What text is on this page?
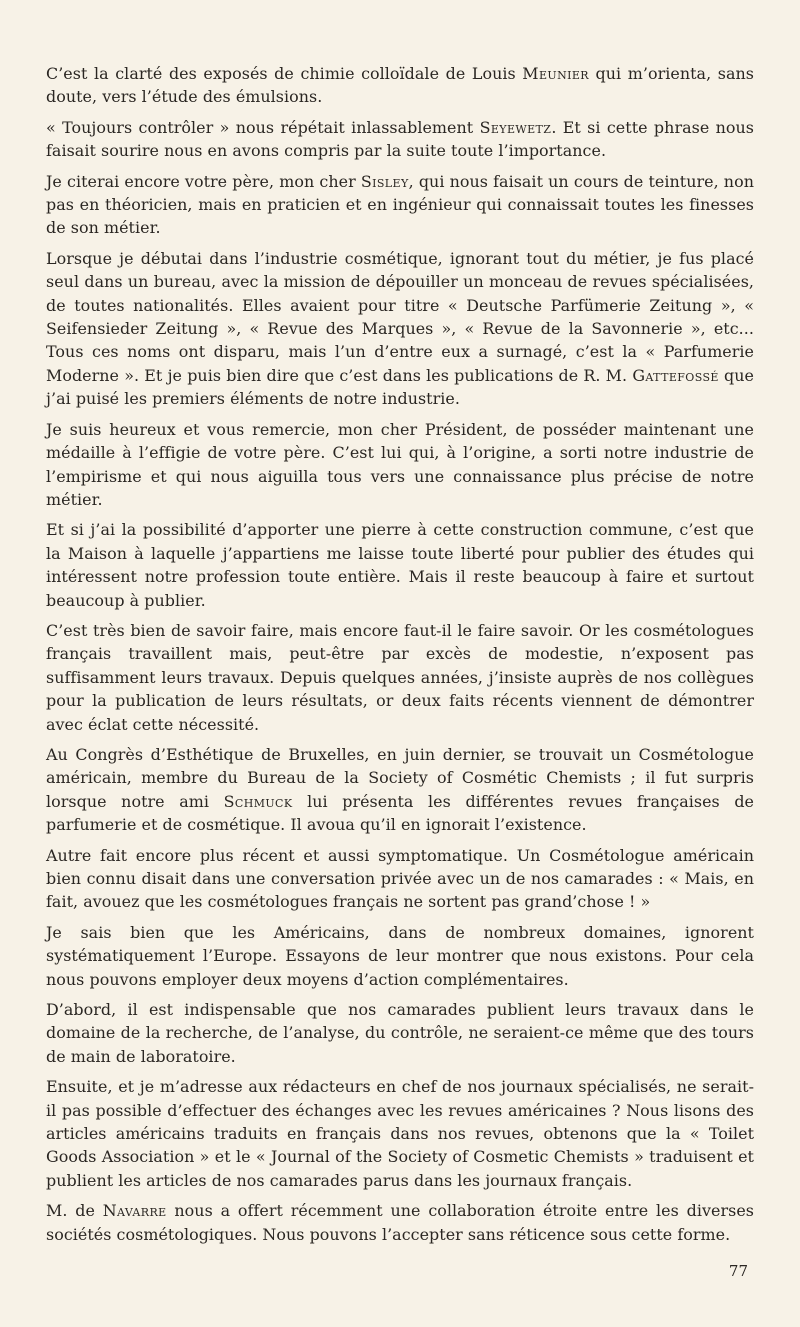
C’est la clarté des exposés de chimie colloïdale de Louis Meunier qui m’orienta, sans doute, vers l’étude des émulsions.

« Toujours contrôler » nous répétait inlassablement Seyewetz. Et si cette phrase nous faisait sourire nous en avons compris par la suite toute l’importance.

Je citerai encore votre père, mon cher Sisley, qui nous faisait un cours de teinture, non pas en théoricien, mais en praticien et en ingénieur qui connaissait toutes les finesses de son métier.

Lorsque je débutai dans l’industrie cosmétique, ignorant tout du métier, je fus placé seul dans un bureau, avec la mission de dépouiller un monceau de revues spécialisées, de toutes nationalités. Elles avaient pour titre « Deutsche Parfümerie Zeitung », « Seifensieder Zeitung », « Revue des Marques », « Revue de la Savonnerie », etc... Tous ces noms ont disparu, mais l’un d’entre eux a surnagé, c’est la « Parfumerie Moderne ». Et je puis bien dire que c’est dans les publications de R. M. Gattefossé que j’ai puisé les premiers éléments de notre industrie.

Je suis heureux et vous remercie, mon cher Président, de posséder maintenant une médaille à l’effigie de votre père. C’est lui qui, à l’origine, a sorti notre industrie de l’empirisme et qui nous aiguilla tous vers une connaissance plus précise de notre métier.

Et si j’ai la possibilité d’apporter une pierre à cette construction commune, c’est que la Maison à laquelle j’appartiens me laisse toute liberté pour publier des études qui intéressent notre profession toute entière. Mais il reste beaucoup à faire et surtout beaucoup à publier.

C’est très bien de savoir faire, mais encore faut-il le faire savoir. Or les cosmétologues français travaillent mais, peut-être par excès de modestie, n’exposent pas suffisamment leurs travaux. Depuis quelques années, j’insiste auprès de nos collègues pour la publication de leurs résultats, or deux faits récents viennent de démontrer avec éclat cette nécessité.

Au Congrès d’Esthétique de Bruxelles, en juin dernier, se trouvait un Cosmétologue américain, membre du Bureau de la Society of Cosmétic Chemists ; il fut surpris lorsque notre ami Schmuck lui présenta les différentes revues françaises de parfumerie et de cosmétique. Il avoua qu’il en ignorait l’existence.

Autre fait encore plus récent et aussi symptomatique. Un Cosmétologue américain bien connu disait dans une conversation privée avec un de nos camarades : « Mais, en fait, avouez que les cosmétologues français ne sortent pas grand’chose ! »

Je sais bien que les Américains, dans de nombreux domaines, ignorent systématiquement l’Europe. Essayons de leur montrer que nous existons. Pour cela nous pouvons employer deux moyens d’action complémentaires.

D’abord, il est indispensable que nos camarades publient leurs travaux dans le domaine de la recherche, de l’analyse, du contrôle, ne seraient-ce même que des tours de main de laboratoire.

Ensuite, et je m’adresse aux rédacteurs en chef de nos journaux spécialisés, ne serait-il pas possible d’effectuer des échanges avec les revues américaines ? Nous lisons des articles américains traduits en français dans nos revues, obtenons que la « Toilet Goods Association » et le « Journal of the Society of Cosmetic Chemists » traduisent et publient les articles de nos camarades parus dans les journaux français.

M. de Navarre nous a offert récemment une collaboration étroite entre les diverses sociétés cosmétologiques. Nous pouvons l’accepter sans réticence sous cette forme.

77
